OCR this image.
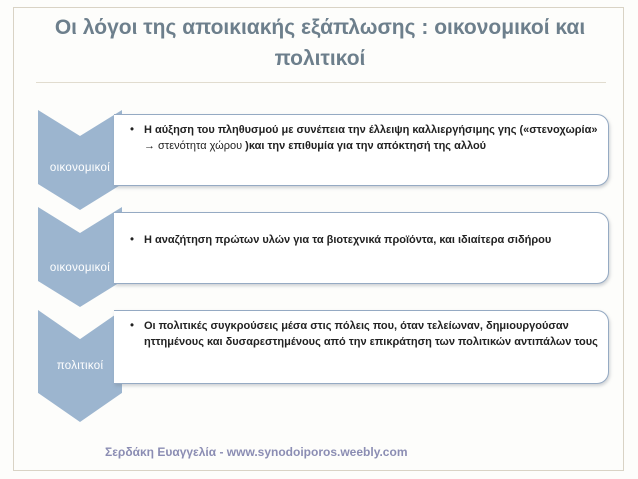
Οι λόγοι της αποικιακής εξάπλωσης : οικονομικοί και
πολιτικοί
οικονομικοί
• Η αύξηση του πληθυσμού με συνέπεια την έλλειψη καλλιεργήσιμης γης («στενοχωρία» → στενότητα χώρου )και την επιθυμία για την απόκτησή της αλλού
οικονομικοί
• Η αναζήτηση πρώτων υλών για τα βιοτεχνικά προϊόντα, και ιδιαίτερα σιδήρου
πολιτικοί
• Οι πολιτικές συγκρούσεις μέσα στις πόλεις που, όταν τελείωναν, δημιουργούσαν ηττημένους και δυσαρεστημένους από την επικράτηση των πολιτικών αντιπάλων τους
Σερδάκη Ευαγγελία - www.synodoiporos.weebly.com
